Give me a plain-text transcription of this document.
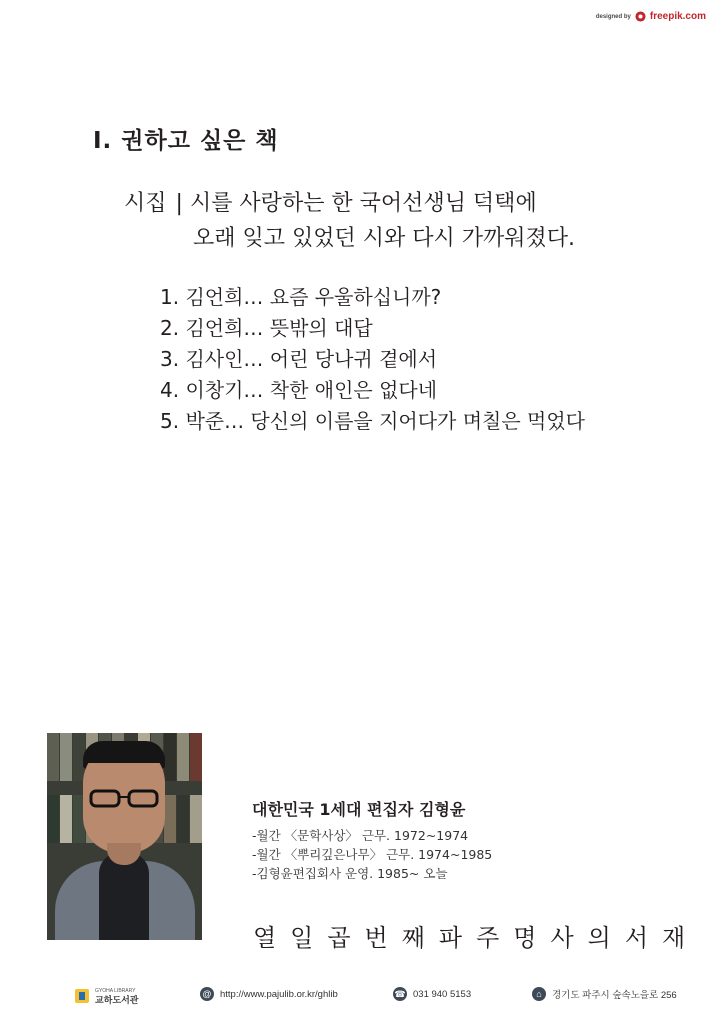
designed by freepik.com
Ⅰ. 권하고 싶은 책
시집 | 시를 사랑하는 한 국어선생님 덕택에
오래 잊고 있었던 시와 다시 가까워졌다.
1. 김언희… 요즘 우울하십니까?
2. 김언희… 뜻밖의 대답
3. 김사인… 어린 당나귀 곁에서
4. 이창기… 착한 애인은 없다네
5. 박준… 당신의 이름을 지어다가 며칠은 먹었다
대한민국 1세대 편집자 김형윤
-월간 〈문학사상〉 근무. 1972~1974
-월간 〈뿌리깊은나무〉 근무. 1974~1985
-김형윤편집회사 운영. 1985~ 오늘
열일곱번째파주명사의서재
GYOHA LIBRARY
교하도서관
@ http://www.pajulib.or.kr/ghlib	☎ 031 940 5153	⌂	경기도 파주시 숲속노을로 256
